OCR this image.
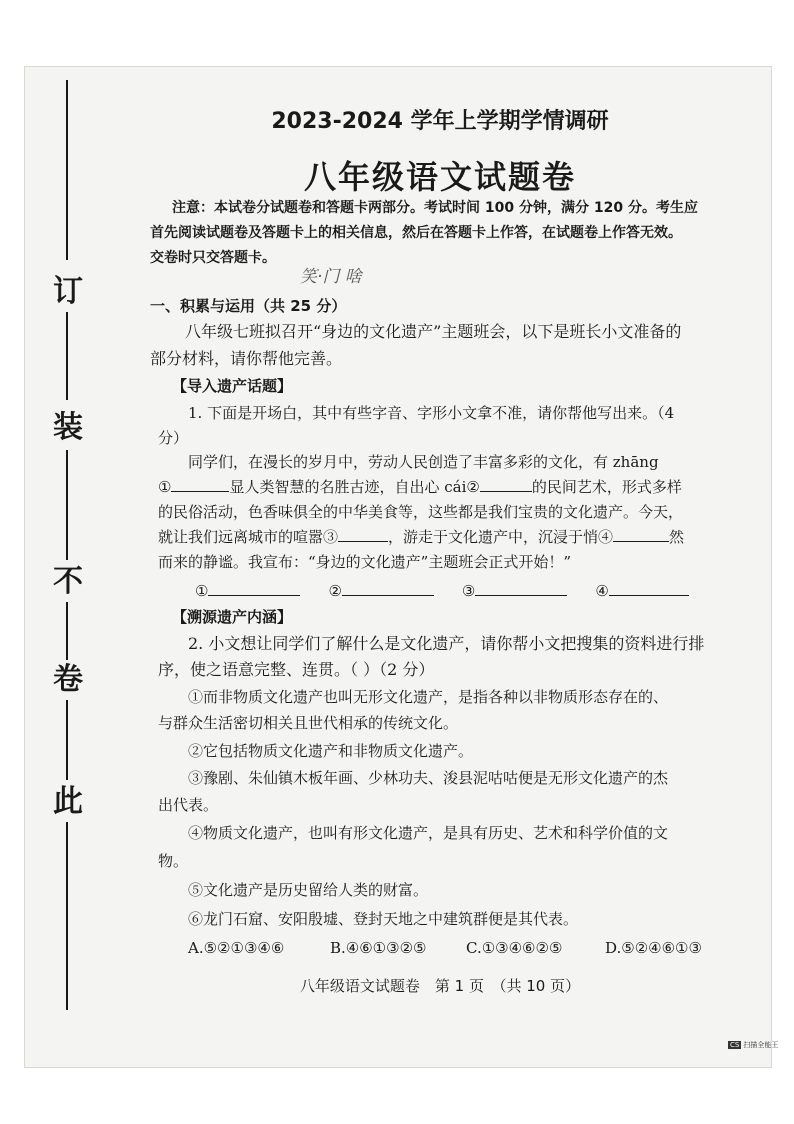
订
装
不
卷
此
2023-2024 学年上学期学情调研
八年级语文试题卷
注意：本试卷分试题卷和答题卡两部分。考试时间 100 分钟，满分 120 分。考生应
首先阅读试题卷及答题卡上的相关信息，然后在答题卡上作答，在试题卷上作答无效。
交卷时只交答题卡。
笑·门 啥
一、积累与运用（共 25 分）
八年级七班拟召开“身边的文化遗产”主题班会，以下是班长小文准备的
部分材料，请你帮他完善。
【导入遗产话题】
1. 下面是开场白，其中有些字音、字形小文拿不准，请你帮他写出来。（4
分）
同学们，在漫长的岁月中，劳动人民创造了丰富多彩的文化，有 zhāng
①	显人类智慧的名胜古迹，自出心 cái②	的民间艺术，形式多样
的民俗活动，色香味俱全的中华美食等，这些都是我们宝贵的文化遗产。今天，
就让我们远离城市的喧嚣③	，游走于文化遗产中，沉浸于悄④	然
而来的静谧。我宣布：“身边的文化遗产”主题班会正式开始！”
①	②	③	④
【溯源遗产内涵】
2. 小文想让同学们了解什么是文化遗产，请你帮小文把搜集的资料进行排
序，使之语意完整、连贯。（ ）（2 分）
①而非物质文化遗产也叫无形文化遗产，是指各种以非物质形态存在的、
与群众生活密切相关且世代相承的传统文化。
②它包括物质文化遗产和非物质文化遗产。
③豫剧、朱仙镇木板年画、少林功夫、浚县泥咕咕便是无形文化遗产的杰
出代表。
④物质文化遗产，也叫有形文化遗产，是具有历史、艺术和科学价值的文
物。
⑤文化遗产是历史留给人类的财富。
⑥龙门石窟、安阳殷墟、登封天地之中建筑群便是其代表。
A.⑤②①③④⑥	B.④⑥①③②⑤	C.①③④⑥②⑤	D.⑤②④⑥①③
八年级语文试题卷　第 1 页　（共 10 页）
CS 扫描全能王
